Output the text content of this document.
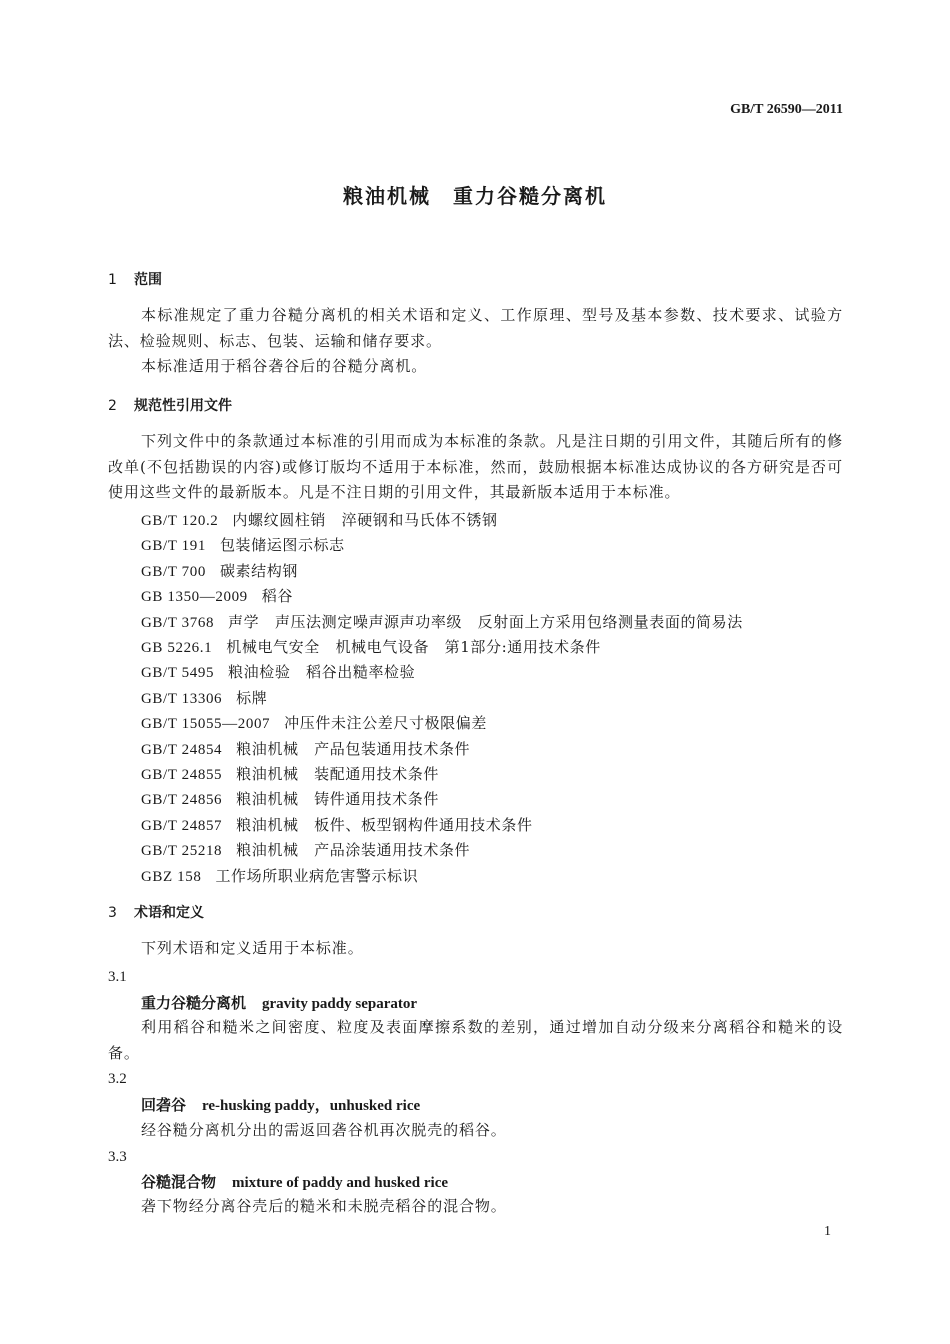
GB/T 26590—2011
粮油机械　重力谷糙分离机
1 范围
本标准规定了重力谷糙分离机的相关术语和定义、工作原理、型号及基本参数、技术要求、试验方法、检验规则、标志、包装、运输和储存要求。
本标准适用于稻谷砻谷后的谷糙分离机。
2 规范性引用文件
下列文件中的条款通过本标准的引用而成为本标准的条款。凡是注日期的引用文件，其随后所有的修改单(不包括勘误的内容)或修订版均不适用于本标准，然而，鼓励根据本标准达成协议的各方研究是否可使用这些文件的最新版本。凡是不注日期的引用文件，其最新版本适用于本标准。
GB/T 120.2 内螺纹圆柱销　淬硬钢和马氏体不锈钢
GB/T 191 包装储运图示标志
GB/T 700 碳素结构钢
GB 1350—2009 稻谷
GB/T 3768 声学　声压法测定噪声源声功率级　反射面上方采用包络测量表面的简易法
GB 5226.1 机械电气安全　机械电气设备　第1部分:通用技术条件
GB/T 5495 粮油检验　稻谷出糙率检验
GB/T 13306 标牌
GB/T 15055—2007 冲压件未注公差尺寸极限偏差
GB/T 24854 粮油机械　产品包装通用技术条件
GB/T 24855 粮油机械　装配通用技术条件
GB/T 24856 粮油机械　铸件通用技术条件
GB/T 24857 粮油机械　板件、板型钢构件通用技术条件
GB/T 25218 粮油机械　产品涂装通用技术条件
GBZ 158 工作场所职业病危害警示标识
3 术语和定义
下列术语和定义适用于本标准。
3.1
重力谷糙分离机 gravity paddy separator
利用稻谷和糙米之间密度、粒度及表面摩擦系数的差别，通过增加自动分级来分离稻谷和糙米的设备。
3.2
回砻谷 re-husking paddy，unhusked rice
经谷糙分离机分出的需返回砻谷机再次脱壳的稻谷。
3.3
谷糙混合物 mixture of paddy and husked rice
砻下物经分离谷壳后的糙米和未脱壳稻谷的混合物。
1
